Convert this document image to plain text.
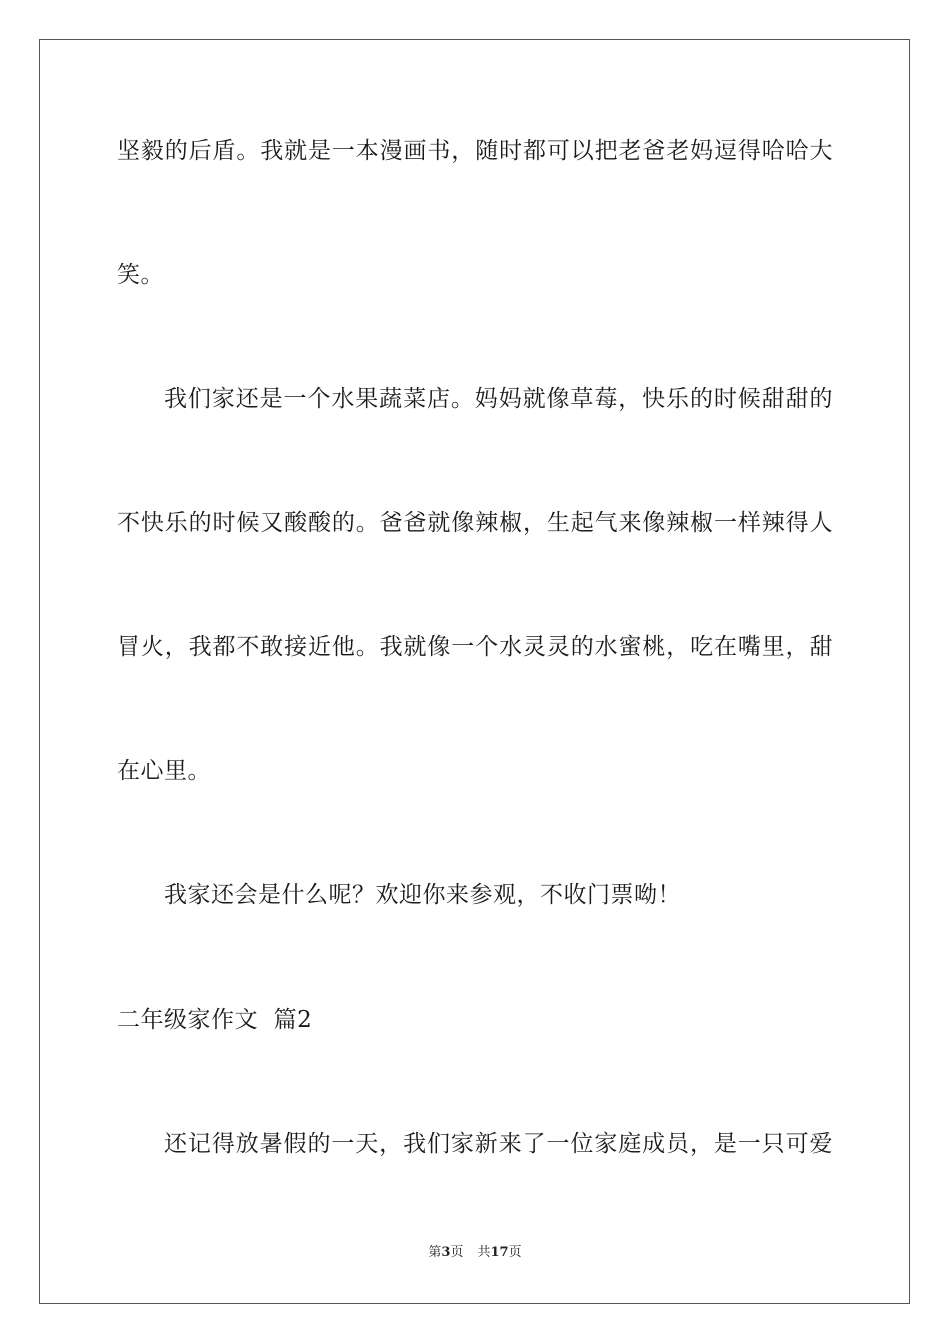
坚毅的后盾。我就是一本漫画书，随时都可以把老爸老妈逗得哈哈大
笑。
我们家还是一个水果蔬菜店。妈妈就像草莓，快乐的时候甜甜的
不快乐的时候又酸酸的。爸爸就像辣椒，生起气来像辣椒一样辣得人
冒火，我都不敢接近他。我就像一个水灵灵的水蜜桃，吃在嘴里，甜
在心里。
我家还会是什么呢？欢迎你来参观，不收门票呦！
二年级家作文  篇2
还记得放暑假的一天，我们家新来了一位家庭成员，是一只可爱
第3页 共17页
